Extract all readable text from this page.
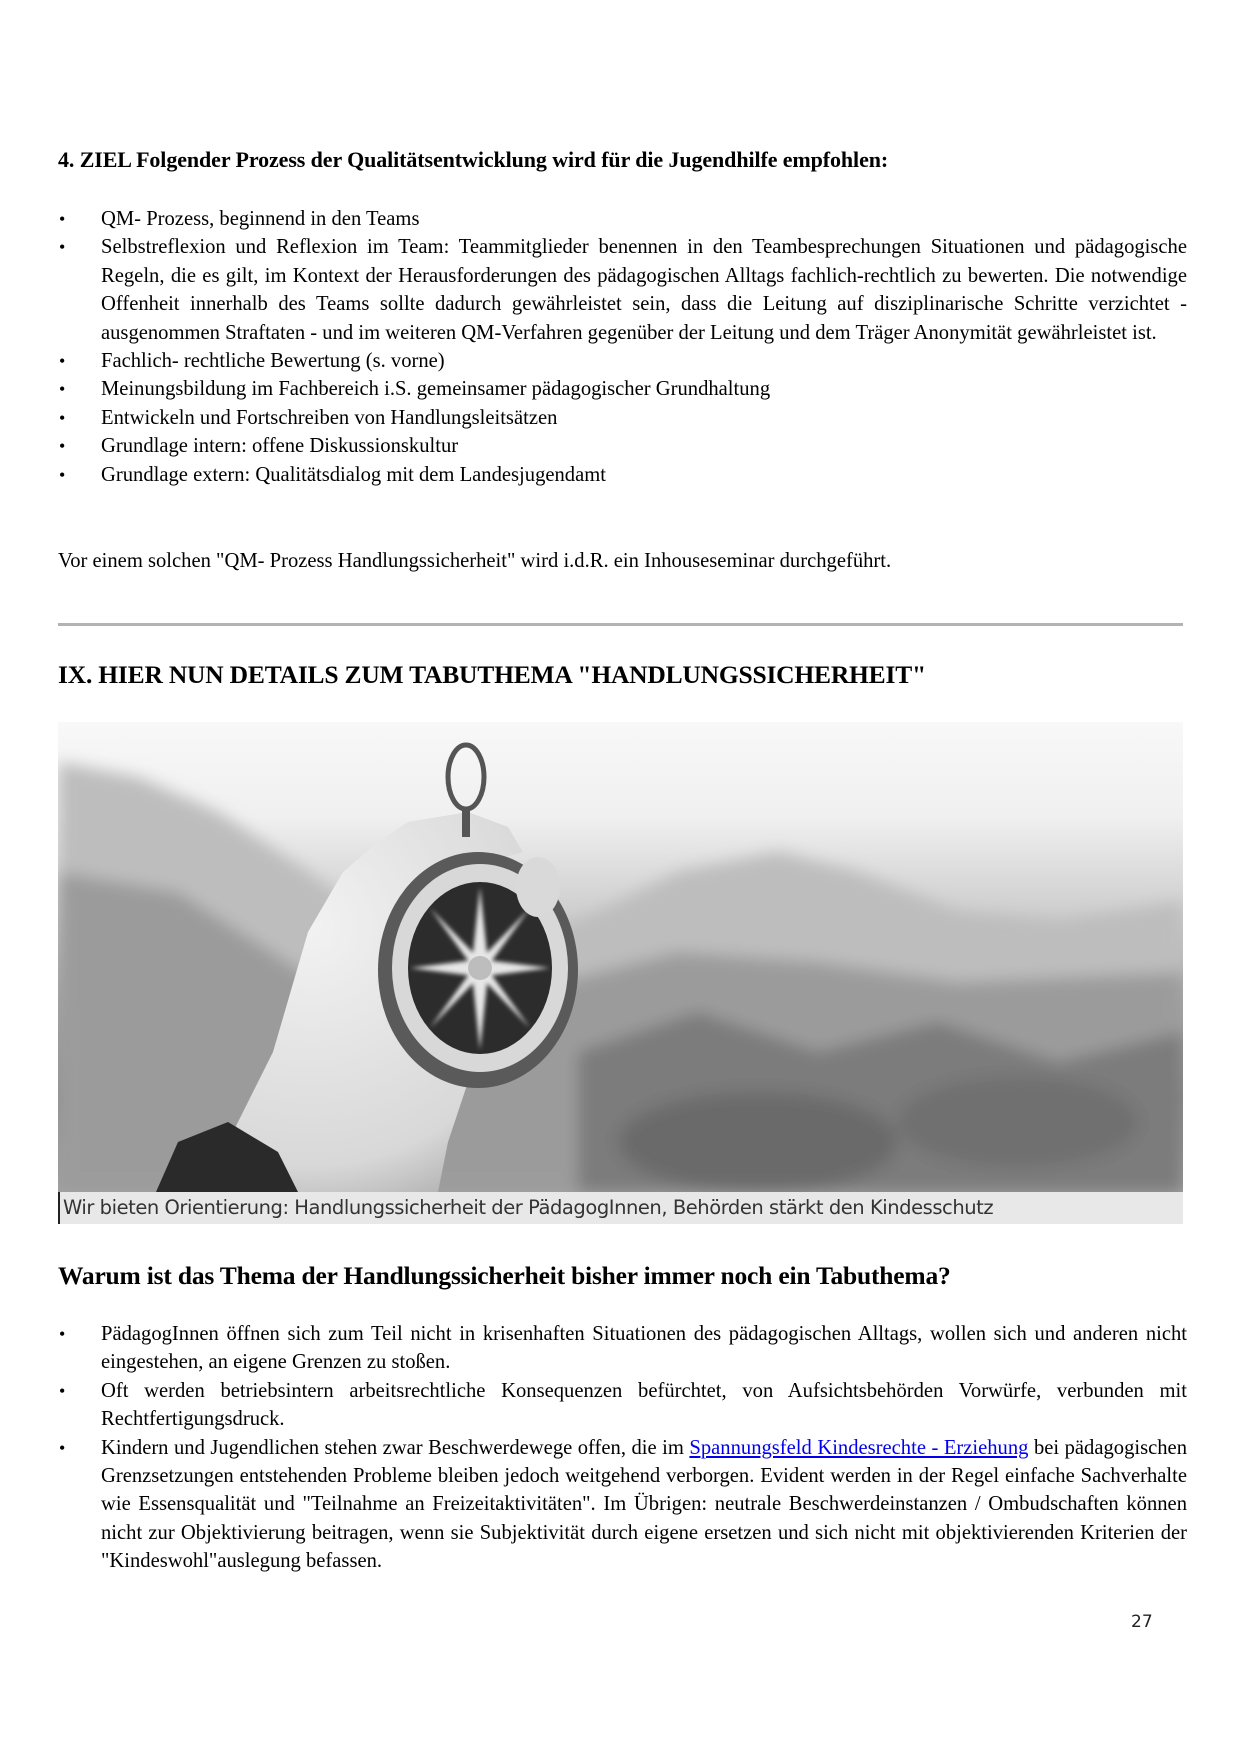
4. ZIEL Folgender Prozess der Qualitätsentwicklung wird für die Jugendhilfe empfohlen:
• QM- Prozess, beginnend in den Teams
• Selbstreflexion und Reflexion im Team: Teammitglieder benennen in den Teambesprechungen Situationen und pädagogische Regeln, die es gilt, im Kontext der Herausforderungen des pädagogischen Alltags fachlich-rechtlich zu bewerten. Die notwendige Offenheit innerhalb des Teams sollte dadurch gewährleistet sein, dass die Leitung auf disziplinarische Schritte verzichtet - ausgenommen Straftaten - und im weiteren QM-Verfahren gegenüber der Leitung und dem Träger Anonymität gewährleistet ist.
• Fachlich- rechtliche Bewertung (s. vorne)
• Meinungsbildung im Fachbereich i.S. gemeinsamer pädagogischer Grundhaltung
• Entwickeln und Fortschreiben von Handlungsleitsätzen
• Grundlage intern: offene Diskussionskultur
• Grundlage extern: Qualitätsdialog mit dem Landesjugendamt

Vor einem solchen "QM- Prozess Handlungssicherheit" wird i.d.R. ein Inhouseseminar durchgeführt.

IX. HIER NUN DETAILS ZUM TABUTHEMA "HANDLUNGSSICHERHEIT"
Wir bieten Orientierung: Handlungssicherheit der PädagogInnen, Behörden stärkt den Kindesschutz
Warum ist das Thema der Handlungssicherheit bisher immer noch ein Tabuthema?
• PädagogInnen öffnen sich zum Teil nicht in krisenhaften Situationen des pädagogischen Alltags, wollen sich und anderen nicht eingestehen, an eigene Grenzen zu stoßen.
• Oft werden betriebsintern arbeitsrechtliche Konsequenzen befürchtet, von Aufsichtsbehörden Vorwürfe, verbunden mit Rechtfertigungsdruck.
• Kindern und Jugendlichen stehen zwar Beschwerdewege offen, die im Spannungsfeld Kindesrechte - Erziehung bei pädagogischen Grenzsetzungen entstehenden Probleme bleiben jedoch weitgehend verborgen. Evident werden in der Regel einfache Sachverhalte wie Essensqualität und "Teilnahme an Freizeitaktivitäten". Im Übrigen: neutrale Beschwerdeinstanzen / Ombudschaften können nicht zur Objektivierung beitragen, wenn sie Subjektivität durch eigene ersetzen und sich nicht mit objektivierenden Kriterien der "Kindeswohl"auslegung befassen.
27
